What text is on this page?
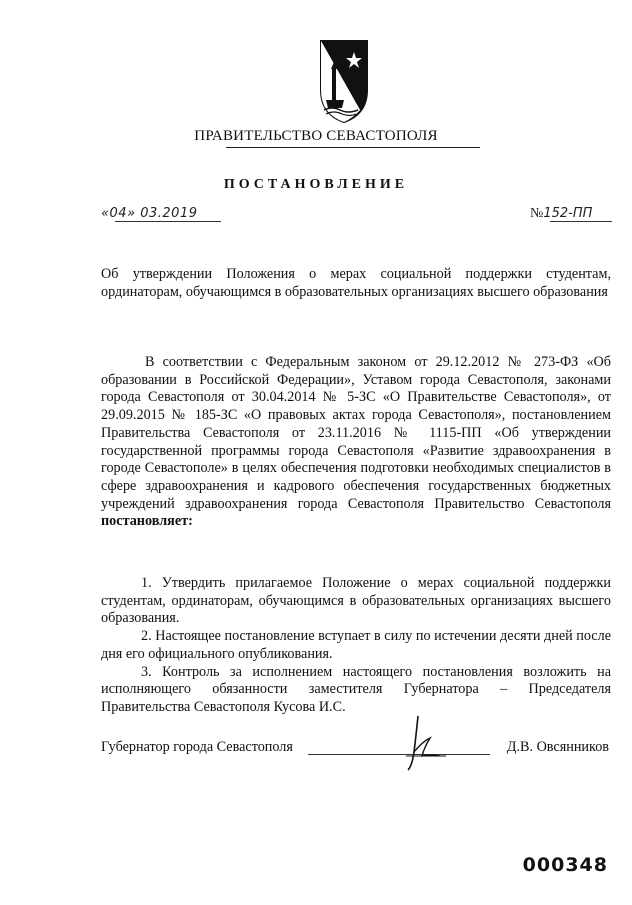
ПРАВИТЕЛЬСТВО СЕВАСТОПОЛЯ
ПОСТАНОВЛЕНИЕ
«04» 03.2019	№152-ПП
Об утверждении Положения о мерах социальной поддержки студентам, ординаторам, обучающимся в образовательных организациях высшего образования
В соответствии с Федеральным законом от 29.12.2012 № 273-ФЗ «Об образовании в Российской Федерации», Уставом города Севастополя, законами города Севастополя от 30.04.2014 № 5-ЗС «О Правительстве Севастополя», от 29.09.2015 № 185-ЗС «О правовых актах города Севастополя», постановлением Правительства Севастополя от 23.11.2016 № 1115-ПП «Об утверждении государственной программы города Севастополя «Развитие здравоохранения в городе Севастополе» в целях обеспечения подготовки необходимых специалистов в сфере здравоохранения и кадрового обеспечения государственных бюджетных учреждений здравоохранения города Севастополя Правительство Севастополя постановляет:

1. Утвердить прилагаемое Положение о мерах социальной поддержки студентам, ординаторам, обучающимся в образовательных организациях высшего образования.

2. Настоящее постановление вступает в силу по истечении десяти дней после дня его официального опубликования.

3. Контроль за исполнением настоящего постановления возложить на исполняющего обязанности заместителя Губернатора – Председателя Правительства Севастополя Кусова И.С.

Губернатор города Севастополя	Д.В. Овсянников
000348
